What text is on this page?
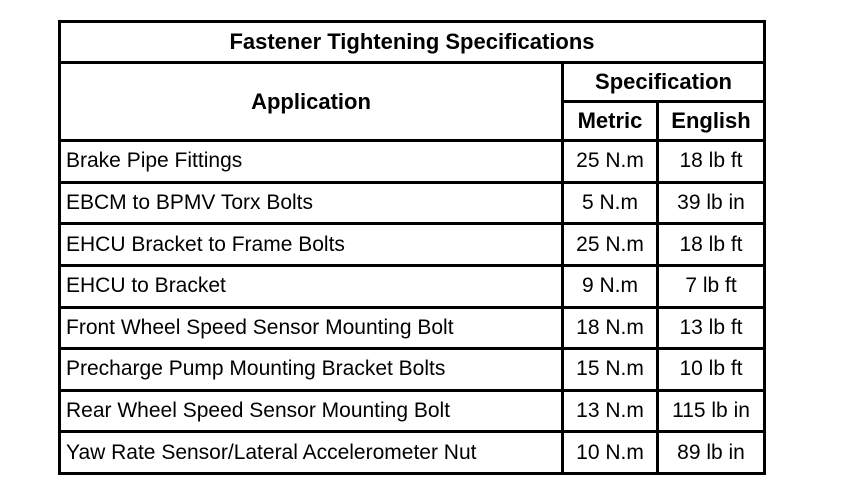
Fastener Tightening Specifications		
Application	Specification	
	Metric	English
Brake Pipe Fittings	25 N.m	18 lb ft
EBCM to BPMV Torx Bolts	5 N.m	39 lb in
EHCU Bracket to Frame Bolts	25 N.m	18 lb ft
EHCU to Bracket	9 N.m	7 lb ft
Front Wheel Speed Sensor Mounting Bolt	18 N.m	13 lb ft
Precharge Pump Mounting Bracket Bolts	15 N.m	10 lb ft
Rear Wheel Speed Sensor Mounting Bolt	13 N.m	115 lb in
Yaw Rate Sensor/Lateral Accelerometer Nut	10 N.m	89 lb in
